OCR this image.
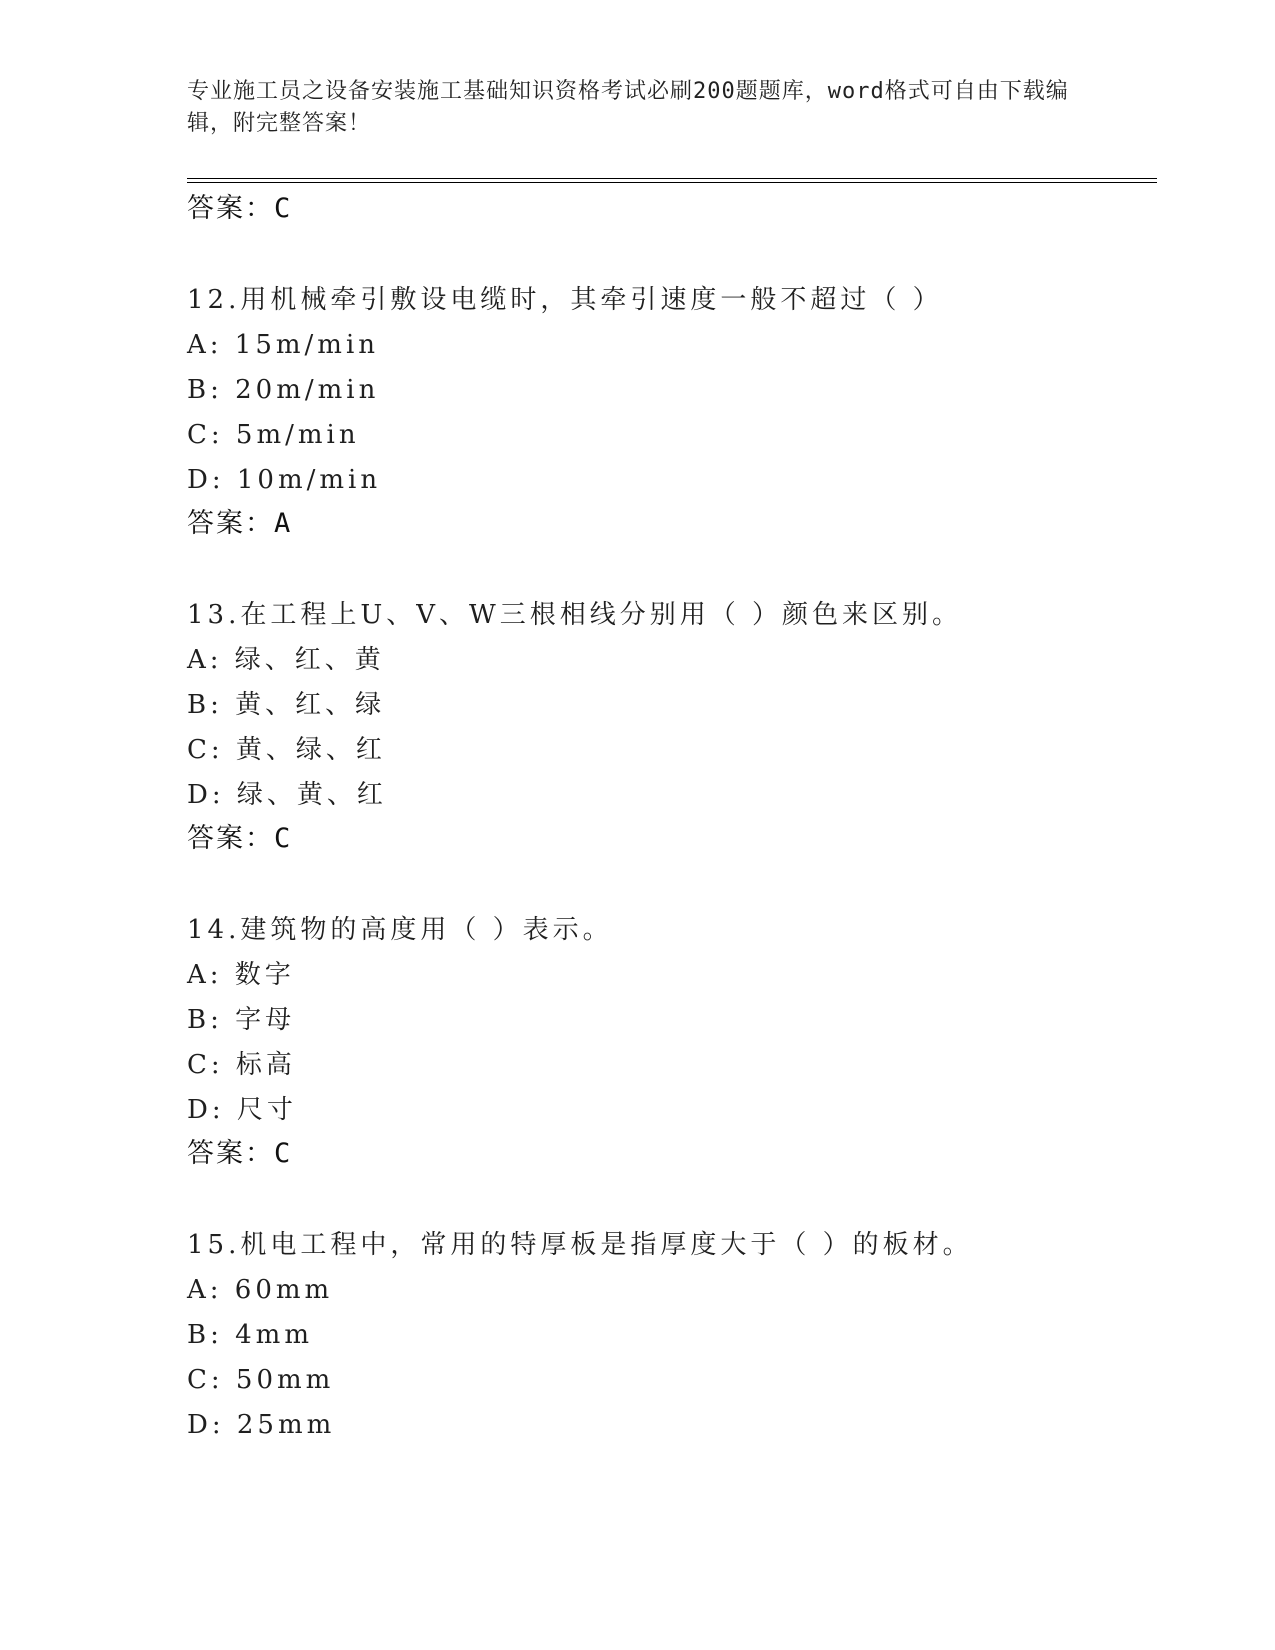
专业施工员之设备安装施工基础知识资格考试必刷200题题库，word格式可自由下载编辑，附完整答案！
答案：C
12.用机械牵引敷设电缆时，其牵引速度一般不超过（ ）
A: 15m/min
B: 20m/min
C: 5m/min
D: 10m/min
答案：A
13.在工程上U、V、W三根相线分别用（ ）颜色来区别。
A: 绿、红、黄
B: 黄、红、绿
C: 黄、绿、红
D: 绿、黄、红
答案：C
14.建筑物的高度用（ ）表示。
A: 数字
B: 字母
C: 标高
D: 尺寸
答案：C
15.机电工程中，常用的特厚板是指厚度大于（ ）的板材。
A: 60mm
B: 4mm
C: 50mm
D: 25mm
